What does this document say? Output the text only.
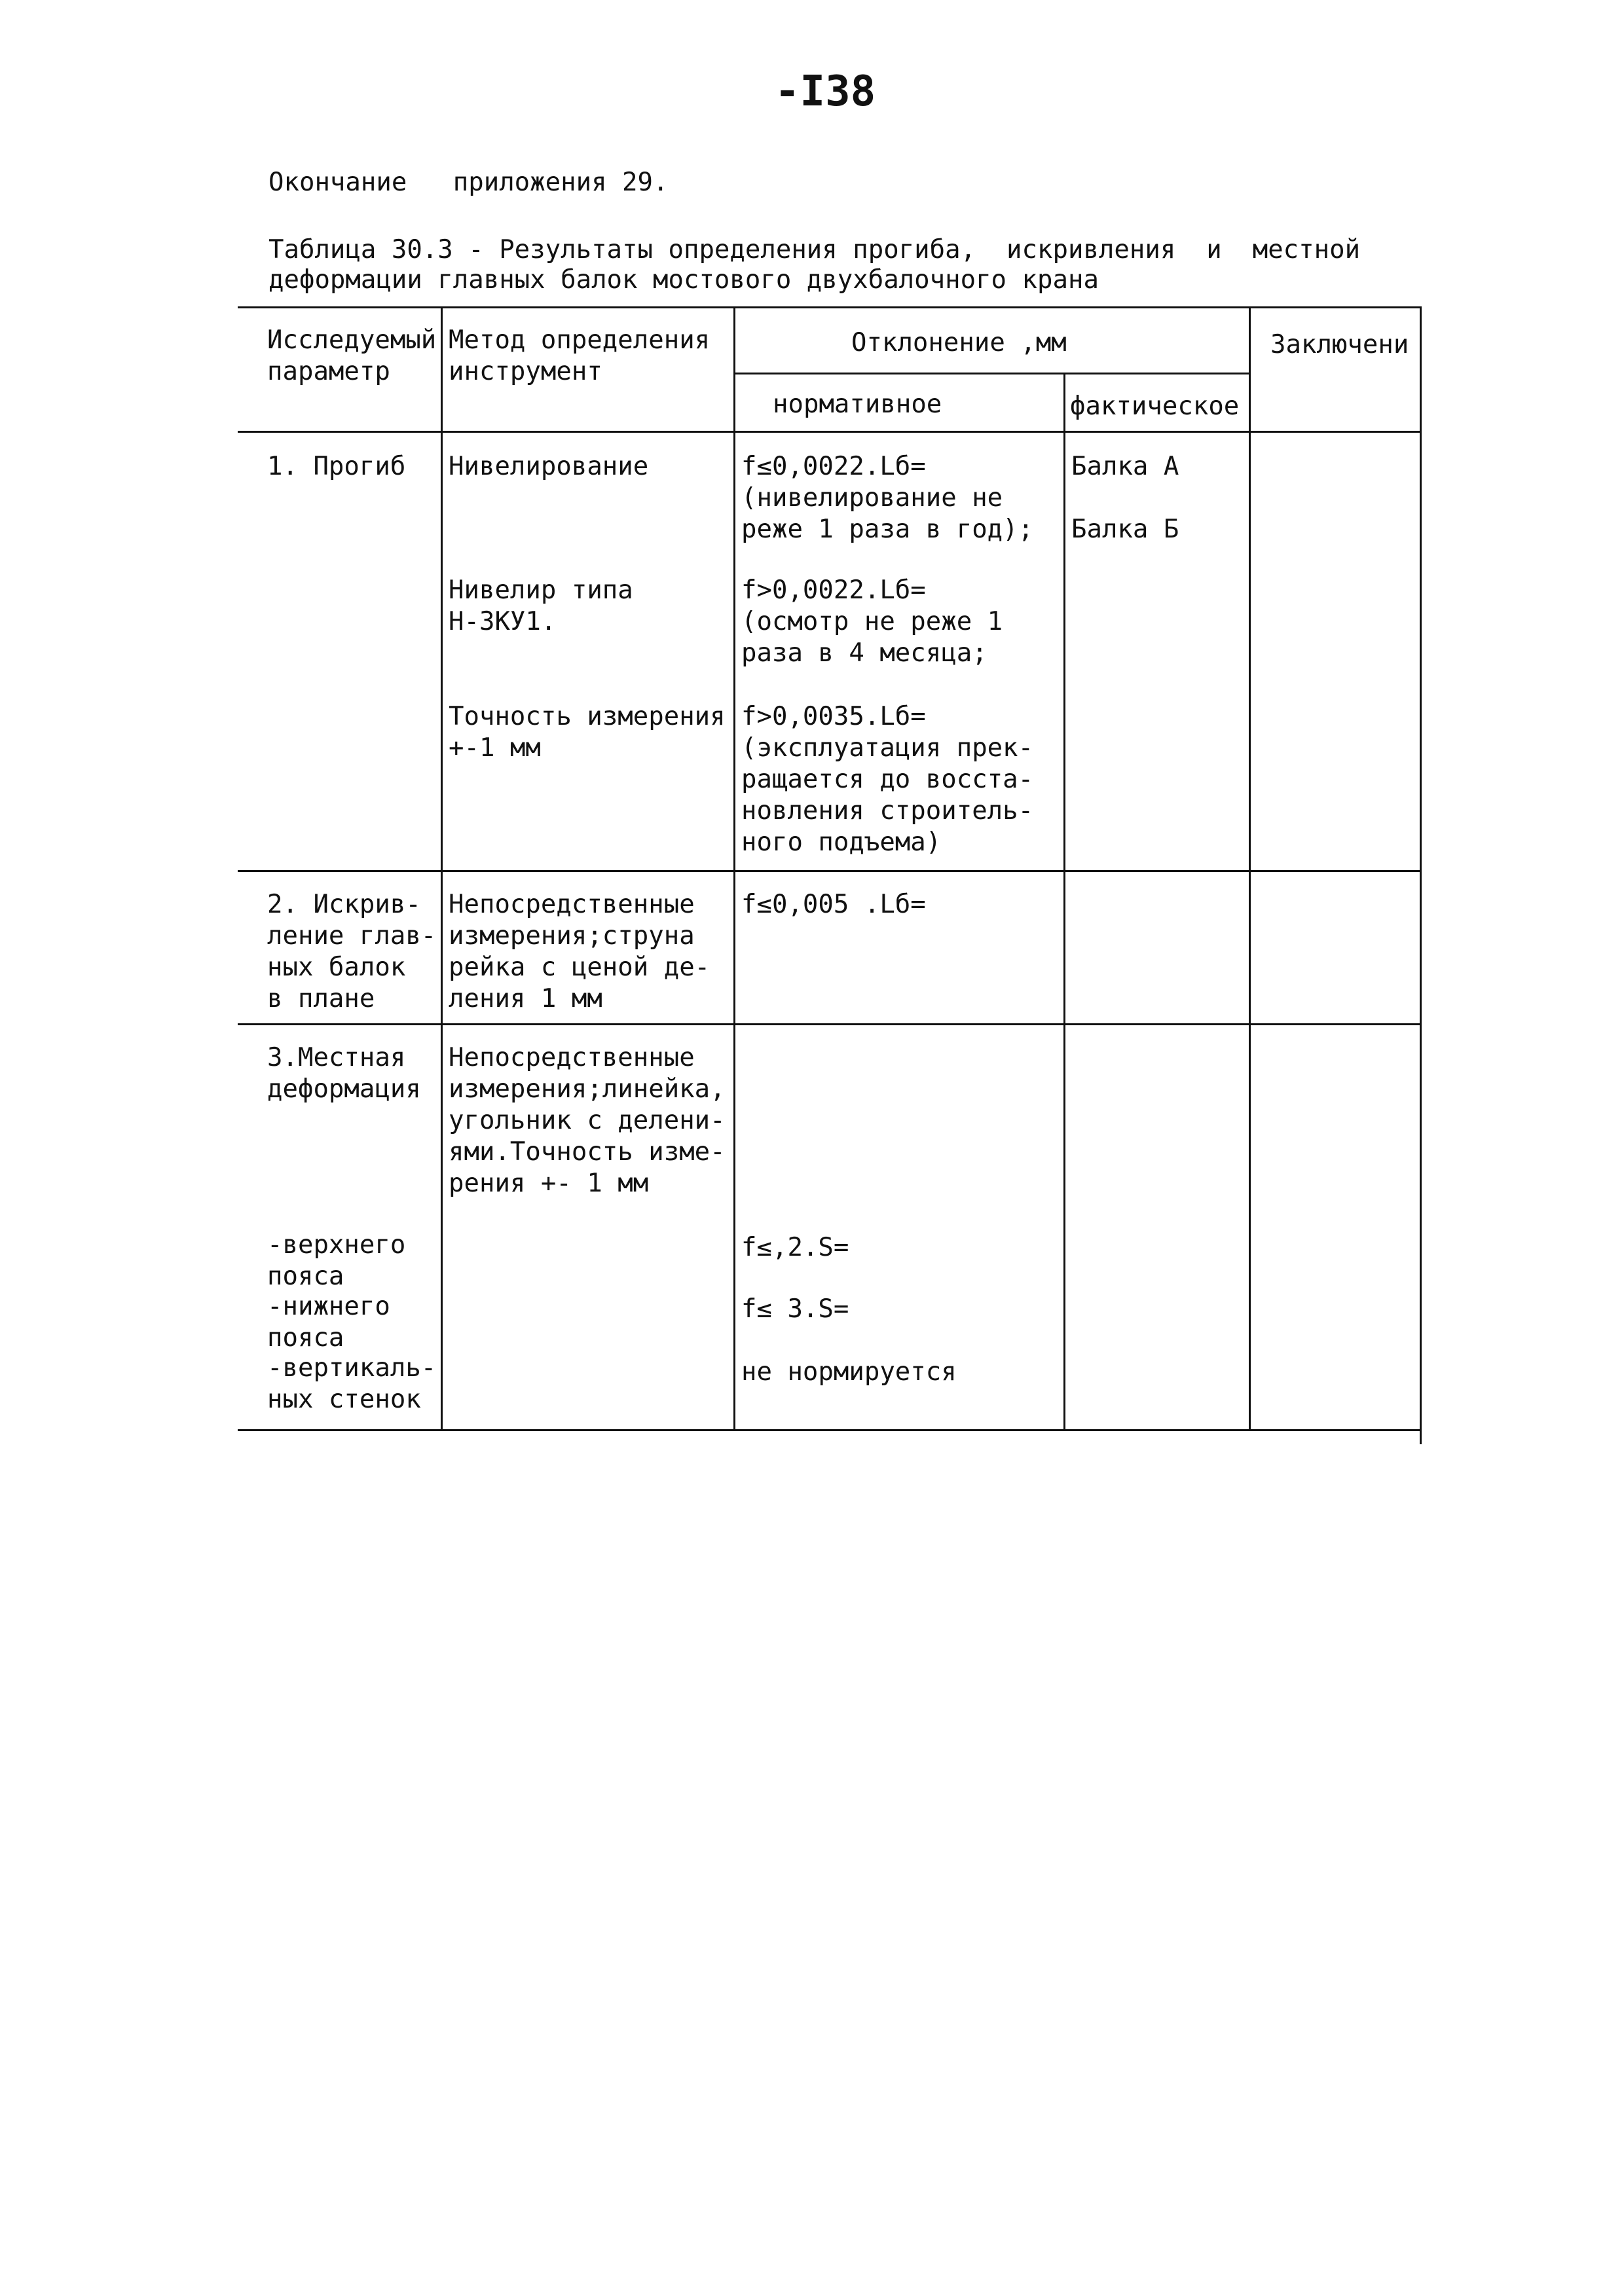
-I38
Окончание   приложения 29.
Таблица 30.3 - Результаты определения прогиба,  искривления  и  местной
деформации главных балок мостового двухбалочного крана
Исследуемый
параметр
Метод определения
инструмент
Отклонение ,мм
нормативное	фактическое
Заключени
1. Прогиб Нивелирование
Нивелир типа
Н-3КУ1.
Точность измерения
+-1 мм
f≤0,0022.Lб=
(нивелирование не
реже 1 раза в год);
f>0,0022.Lб=
(осмотр не реже 1
раза в 4 месяца;
f>0,0035.Lб=
(эксплуатация прек-
ращается до восста-
новления строитель-
ного подъема)
Балка А
Балка Б
2. Искрив-
ление глав-
ных балок
в плане
Непосредственные
измерения;струна
рейка с ценой де-
ления 1 мм
f≤0,005 .Lб=
3.Местная
деформация
Непосредственные
измерения;линейка,
угольник с делени-
ями.Точность изме-
рения +- 1 мм
-верхнего
пояса
f≤,2.S=
-нижнего
пояса
f≤ 3.S=
-вертикаль-
ных стенок
не нормируется
